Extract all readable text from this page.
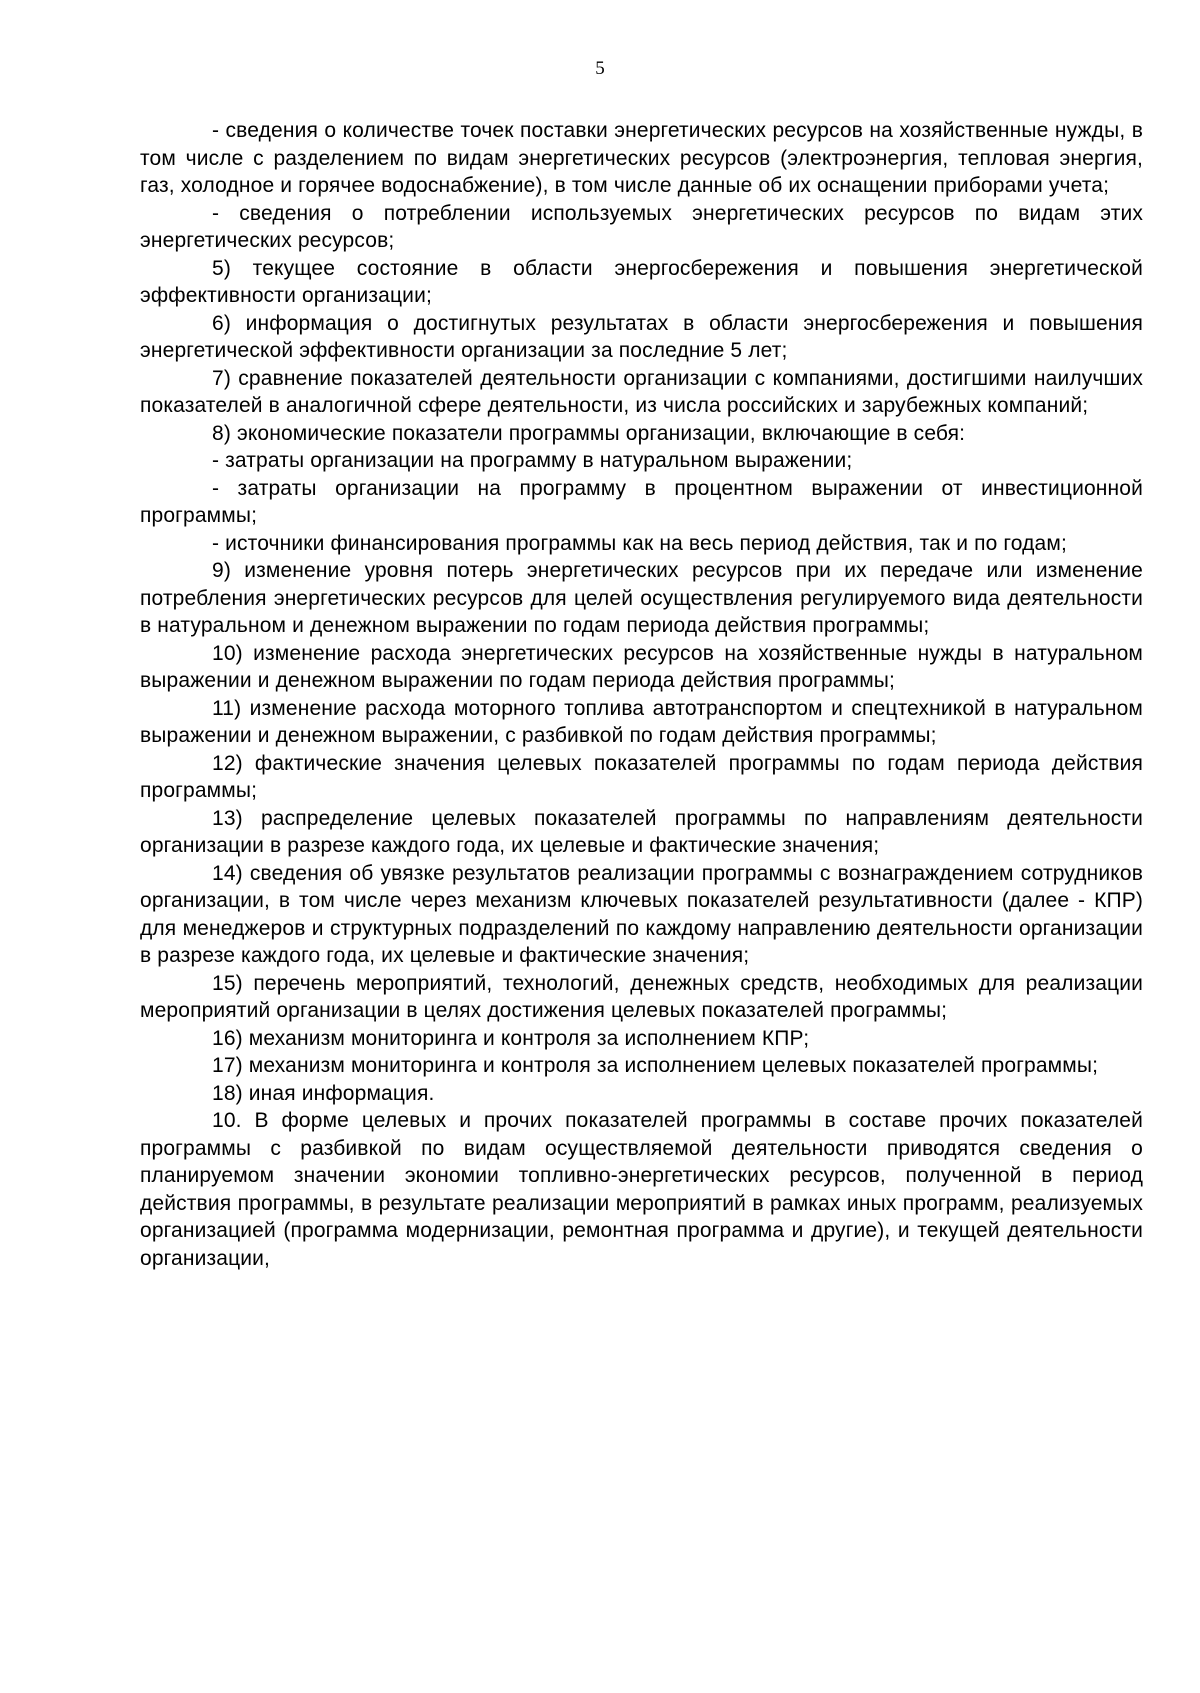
5

- сведения о количестве точек поставки энергетических ресурсов на хозяйственные нужды, в том числе с разделением по видам энергетических ресурсов (электроэнергия, тепловая энергия, газ, холодное и горячее водоснабжение), в том числе данные об их оснащении приборами учета;

- сведения о потреблении используемых энергетических ресурсов по видам этих энергетических ресурсов;

5) текущее состояние в области энергосбережения и повышения энергетической эффективности организации;

6) информация о достигнутых результатах в области энергосбережения и повышения энергетической эффективности организации за последние 5 лет;

7) сравнение показателей деятельности организации с компаниями, достигшими наилучших показателей в аналогичной сфере деятельности, из числа российских и зарубежных компаний;

8) экономические показатели программы организации, включающие в себя:

- затраты организации на программу в натуральном выражении;

- затраты организации на программу в процентном выражении от инвестиционной программы;

- источники финансирования программы как на весь период действия, так и по годам;

9) изменение уровня потерь энергетических ресурсов при их передаче или изменение потребления энергетических ресурсов для целей осуществления регулируемого вида деятельности в натуральном и денежном выражении по годам периода действия программы;

10) изменение расхода энергетических ресурсов на хозяйственные нужды в натуральном выражении и денежном выражении по годам периода действия программы;

11) изменение расхода моторного топлива автотранспортом и спецтехникой в натуральном выражении и денежном выражении, с разбивкой по годам действия программы;

12) фактические значения целевых показателей программы по годам периода действия программы;

13) распределение целевых показателей программы по направлениям деятельности организации в разрезе каждого года, их целевые и фактические значения;

14) сведения об увязке результатов реализации программы с вознаграждением сотрудников организации, в том числе через механизм ключевых показателей результативности (далее - КПР) для менеджеров и структурных подразделений по каждому направлению деятельности организации в разрезе каждого года, их целевые и фактические значения;

15) перечень мероприятий, технологий, денежных средств, необходимых для реализации мероприятий организации в целях достижения целевых показателей программы;

16) механизм мониторинга и контроля за исполнением КПР;

17) механизм мониторинга и контроля за исполнением целевых показателей программы;

18) иная информация.

10. В форме целевых и прочих показателей программы в составе прочих показателей программы с разбивкой по видам осуществляемой деятельности приводятся сведения о планируемом значении экономии топливно-энергетических ресурсов, полученной в период действия программы, в результате реализации мероприятий в рамках иных программ, реализуемых организацией (программа модернизации, ремонтная программа и другие), и текущей деятельности организации,
